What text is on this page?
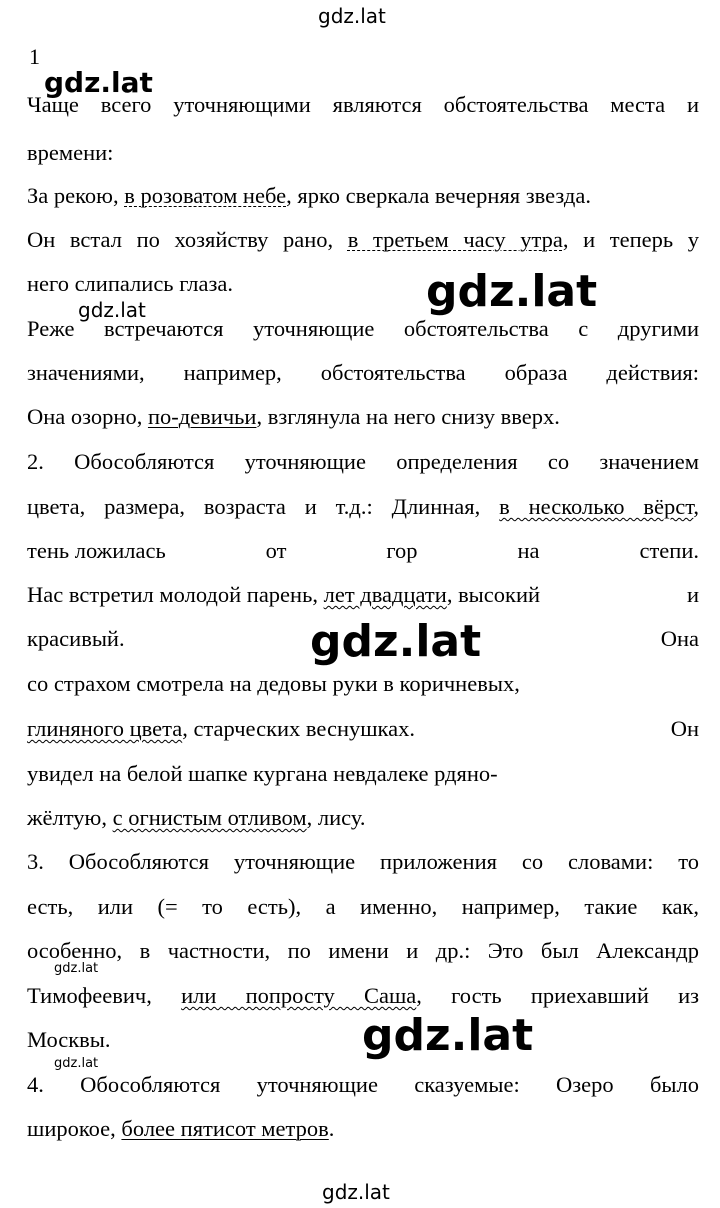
gdz.lat
1
gdz.lat
Чаще всего уточняющими являются обстоятельства места и
времени:
За рекою, в розоватом небе, ярко сверкала вечерняя звезда.
Он встал по хозяйству рано, в третьем часу утра, и теперь у
него слипались глаза.
gdz.lat	gdz.lat
Реже встречаются уточняющие обстоятельства с другими
значениями, например, обстоятельства образа действия:
Она озорно, по-девичьи, взглянула на него снизу вверх.
2. Обособляются уточняющие определения со значением
цвета, размера, возраста и т.д.: Длинная, в несколько вёрст,
тень ложилась	от	гор	на	степи.
Нас встретил молодой парень, лет двадцати, высокий	и
красивый.	Она
gdz.lat
со страхом смотрела на дедовы руки в коричневых,
глиняного цвета, старческих веснушках.	Он
увидел на белой шапке кургана невдалеке рдяно-
жёлтую, с огнистым отливом, лису.
3. Обособляются уточняющие приложения со словами: то
есть, или (= то есть), а именно, например, такие как,
особенно, в частности, по имени и др.: Это был Александр
gdz.lat
Тимофеевич, или попросту Саша, гость приехавший из
Москвы.	gdz.lat
gdz.lat
4. Обособляются уточняющие сказуемые: Озеро было
широкое, более пятисот метров.
gdz.lat
